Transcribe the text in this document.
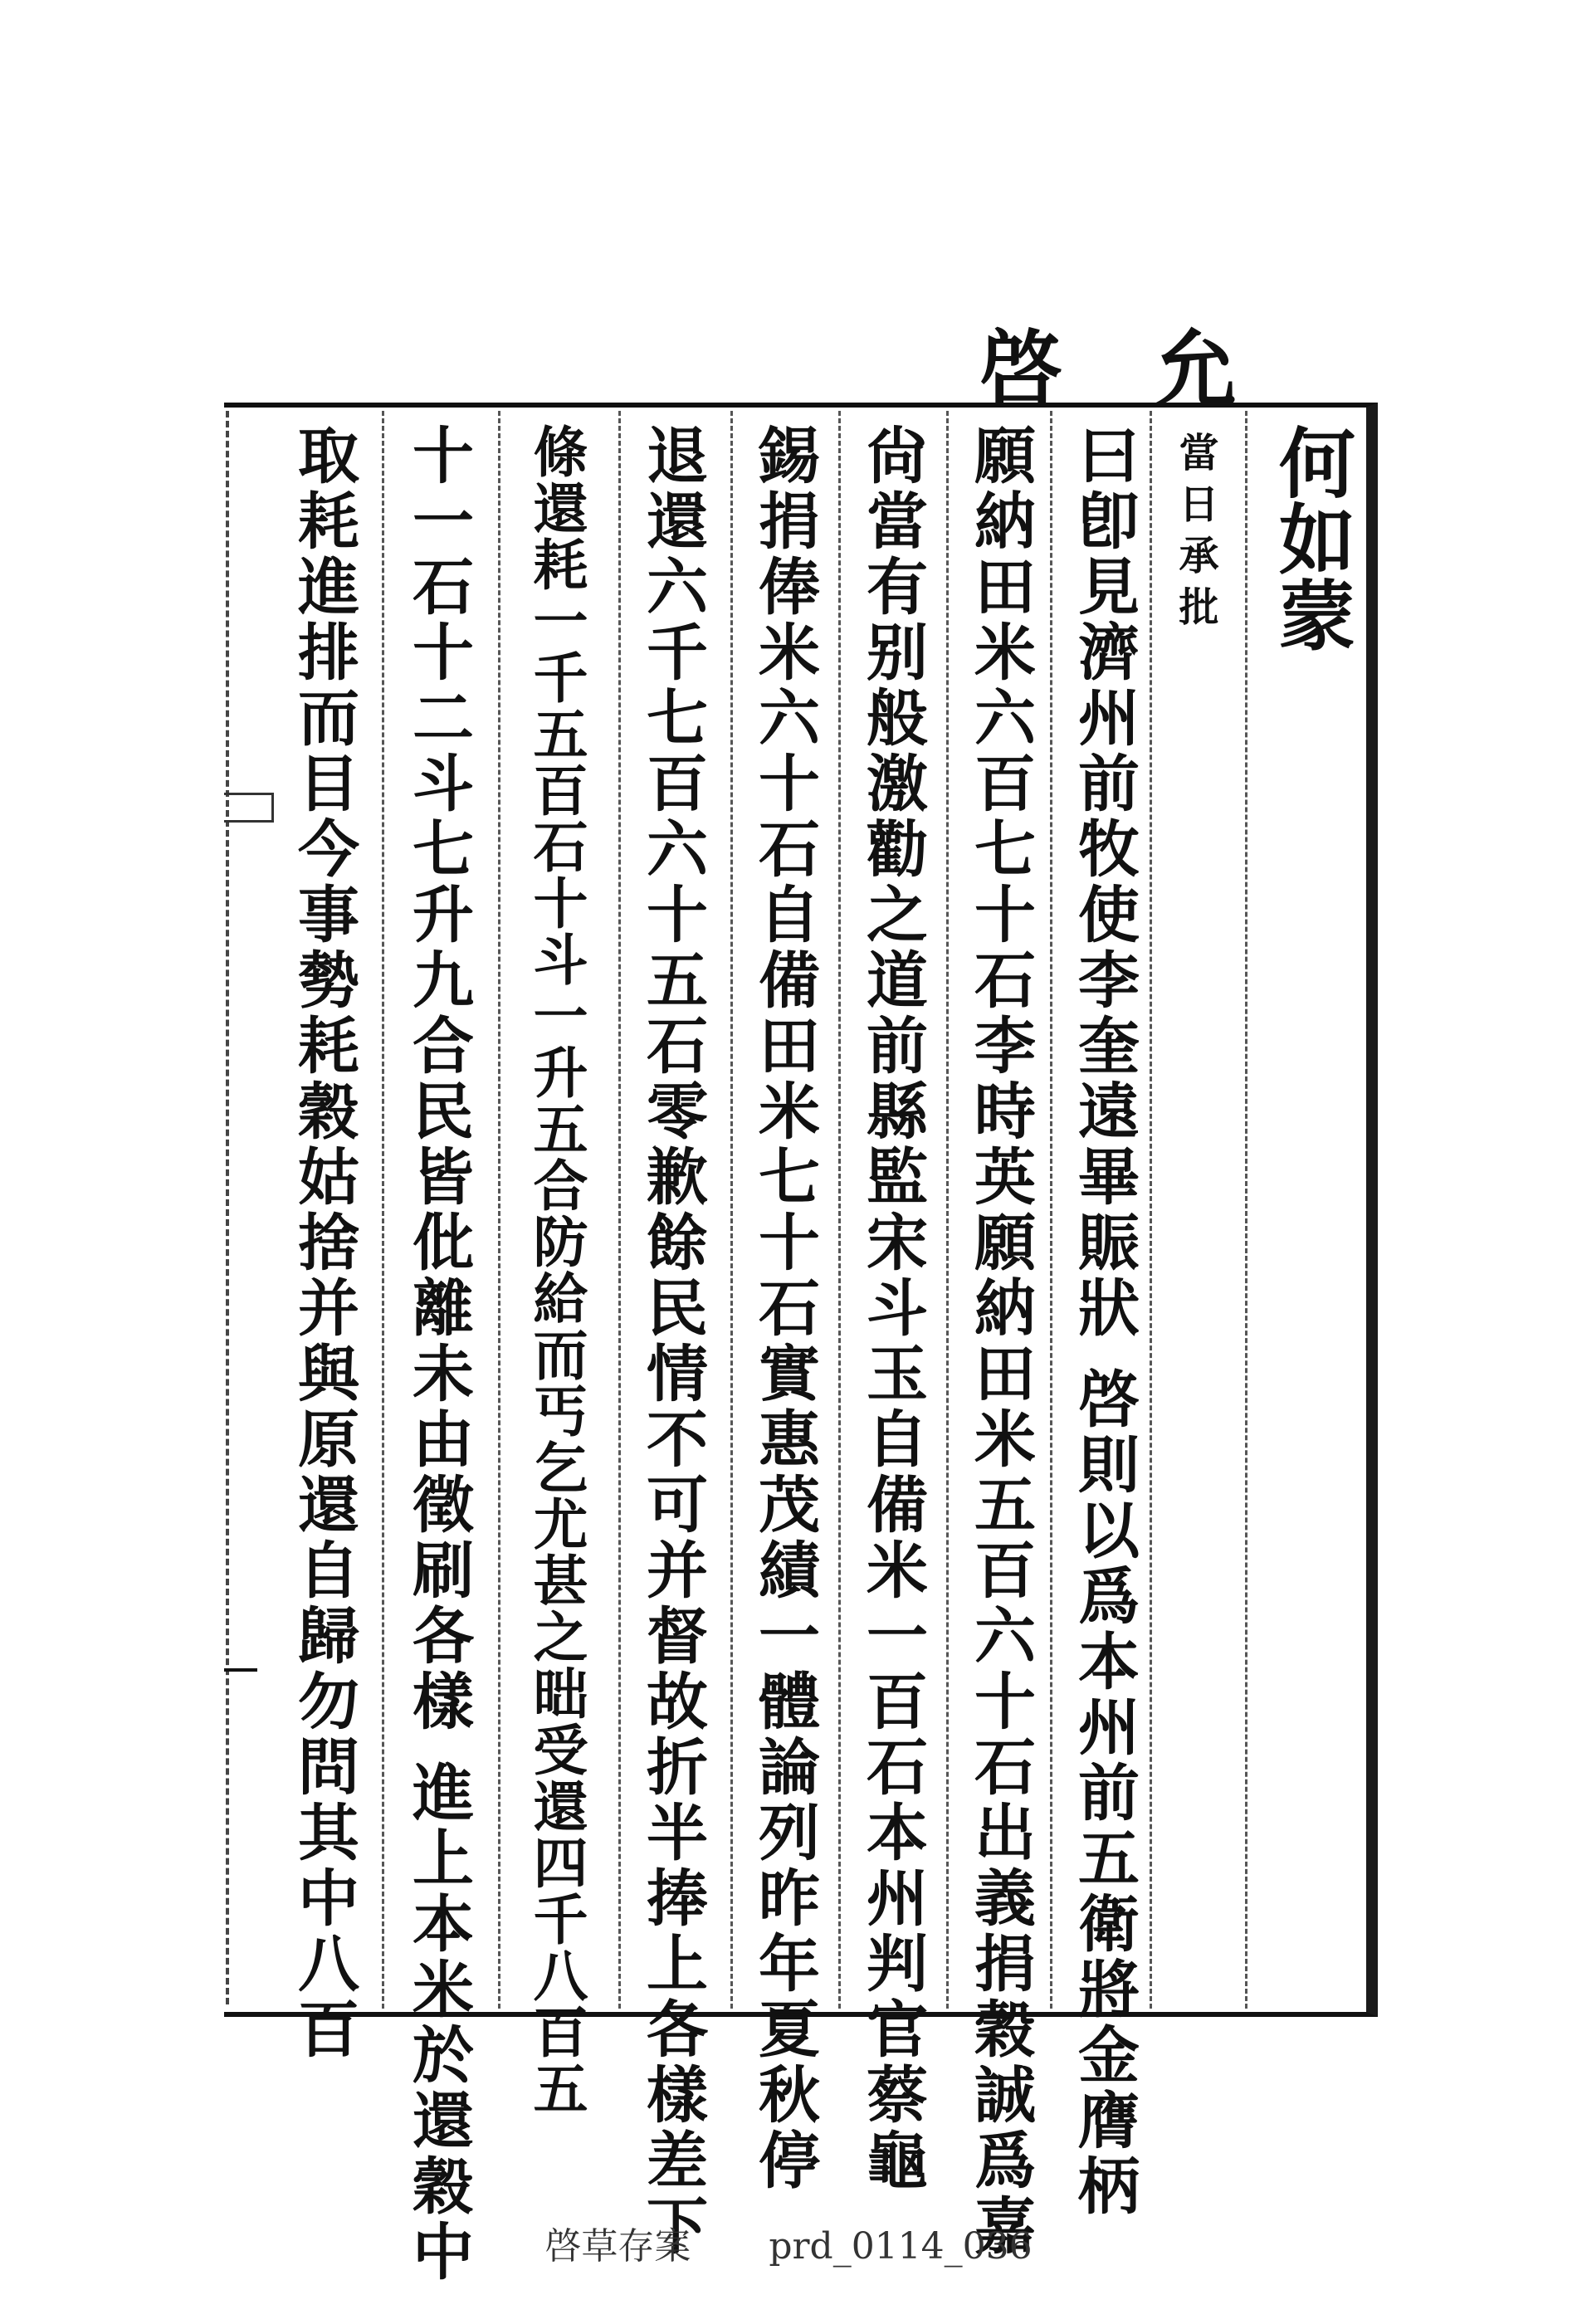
啓 允
何如蒙
當日承批
曰卽見濟州前牧使李奎遠畢賑狀 啓則以爲本州前五衛將金膺柄
願納田米六百七十石李時英願納田米五百六十石出義捐穀誠爲嘉
尙當有别般激勸之道前縣監宋斗玉自備米一百石本州判官蔡龜
錫捐俸米六十石自備田米七十石實惠茂績一體論列昨年夏秋停
退還六千七百六十五石零歉餘民情不可并督故折半捧上各樣差下
條還耗一千五百石十斗一升五合防給而丐乞尤甚之昢受還四千八百五
十一石十二斗七升九合民皆仳離未由徵刷各樣 進上本米於還穀中
取耗進排而目今事勢耗穀姑捨并與原還自歸勿問其中八百
啓草存案 prd_0114_036
